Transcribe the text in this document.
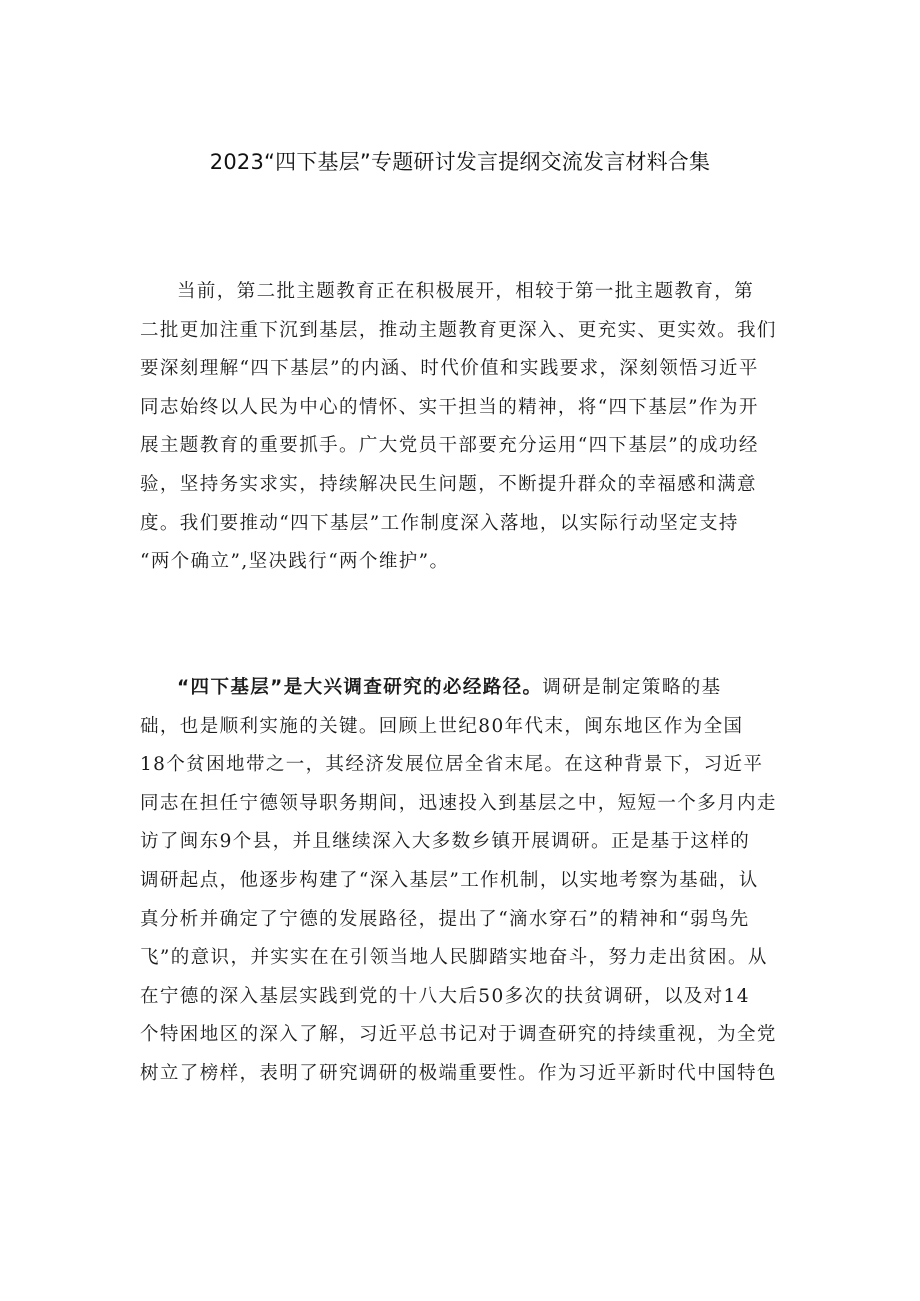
2023“四下基层”专题研讨发言提纲交流发言材料合集

当前，第二批主题教育正在积极展开，相较于第一批主题教育，第
二批更加注重下沉到基层，推动主题教育更深入、更充实、更实效。我们
要深刻理解“四下基层”的内涵、时代价值和实践要求，深刻领悟习近平
同志始终以人民为中心的情怀、实干担当的精神，将“四下基层”作为开
展主题教育的重要抓手。广大党员干部要充分运用“四下基层”的成功经
验，坚持务实求实，持续解决民生问题，不断提升群众的幸福感和满意
度。我们要推动“四下基层”工作制度深入落地，以实际行动坚定支持
“两个确立”,坚决践行“两个维护”。

“四下基层”是大兴调查研究的必经路径。调研是制定策略的基
础，也是顺利实施的关键。回顾上世纪80年代末，闽东地区作为全国
18个贫困地带之一，其经济发展位居全省末尾。在这种背景下，习近平
同志在担任宁德领导职务期间，迅速投入到基层之中，短短一个多月内走
访了闽东9个县，并且继续深入大多数乡镇开展调研。正是基于这样的
调研起点，他逐步构建了“深入基层”工作机制，以实地考察为基础，认
真分析并确定了宁德的发展路径，提出了“滴水穿石”的精神和“弱鸟先
飞”的意识，并实实在在引领当地人民脚踏实地奋斗，努力走出贫困。从
在宁德的深入基层实践到党的十八大后50多次的扶贫调研，以及对14
个特困地区的深入了解，习近平总书记对于调查研究的持续重视，为全党
树立了榜样，表明了研究调研的极端重要性。作为习近平新时代中国特色
